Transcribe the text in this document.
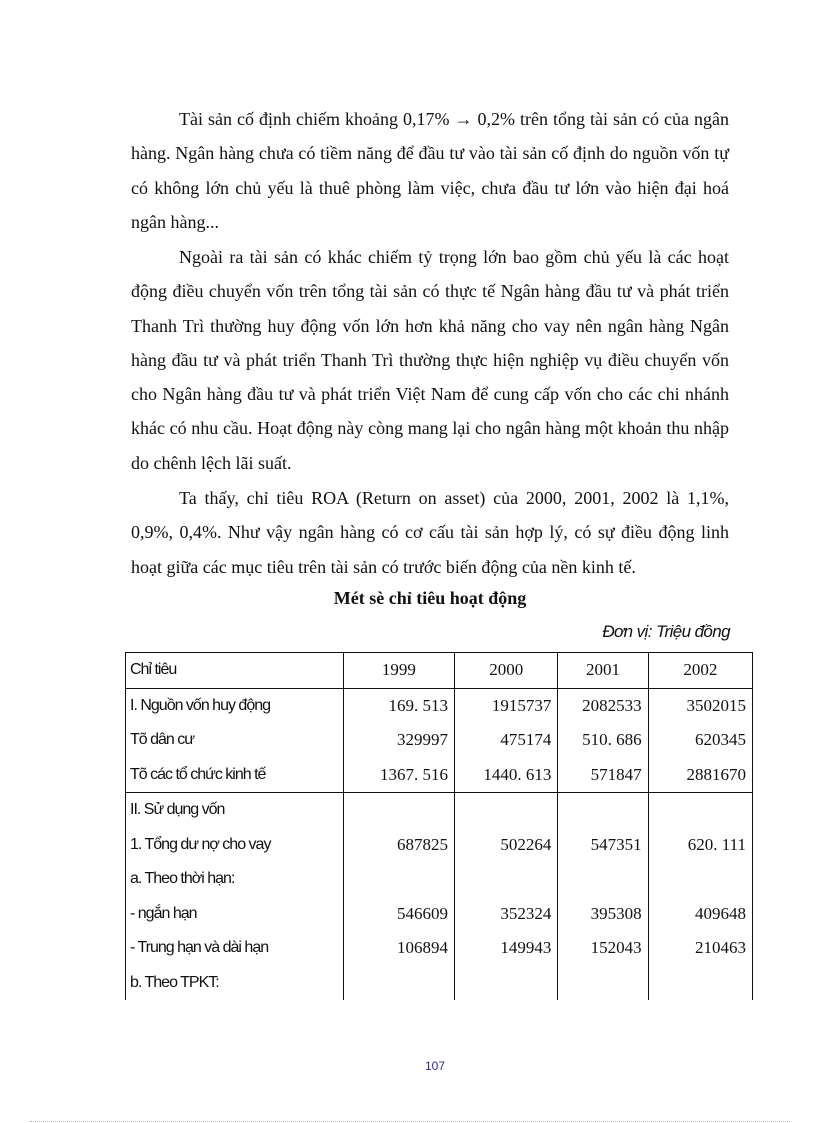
Tài sản cố định chiếm khoảng 0,17% → 0,2% trên tổng tài sản có của ngân hàng. Ngân hàng chưa có tiềm năng để đầu tư vào tài sản cố định do nguồn vốn tự có không lớn chủ yếu là thuê phòng làm việc, chưa đầu tư lớn vào hiện đại hoá ngân hàng...

Ngoài ra tài sản có khác chiếm tỷ trọng lớn bao gồm chủ yếu là các hoạt động điều chuyển vốn trên tổng tài sản có thực tế Ngân hàng đầu tư và phát triển Thanh Trì thường huy động vốn lớn hơn khả năng cho vay nên ngân hàng Ngân hàng đầu tư và phát triển Thanh Trì thường thực hiện nghiệp vụ điều chuyển vốn cho Ngân hàng đầu tư và phát triển Việt Nam để cung cấp vốn cho các chi nhánh khác có nhu cầu. Hoạt động này còng mang lại cho ngân hàng một khoản thu nhập do chênh lệch lãi suất.

Ta thấy, chỉ tiêu ROA (Return on asset) của 2000, 2001, 2002 là 1,1%, 0,9%, 0,4%. Như vậy ngân hàng có cơ cấu tài sản hợp lý, có sự điều động linh hoạt giữa các mục tiêu trên tài sản có trước biến động của nền kinh tế.

Mét sè chỉ tiêu hoạt động
Đơn vị: Triệu đồng
Chỉ tiêu	1999	2000	2001	2002
I. Nguồn vốn huy động	169. 513	1915737	2082533	3502015
Tõ dân cư	329997	475174	510. 686	620345
Tõ các tổ chức kinh tế	1367. 516	1440. 613	571847	2881670
II. Sử dụng vốn				
1. Tổng dư nợ cho vay	687825	502264	547351	620. 111
a. Theo thời hạn:				
- ngắn hạn	546609	352324	395308	409648
- Trung hạn và dài hạn	106894	149943	152043	210463
b. Theo TPKT:				
107
